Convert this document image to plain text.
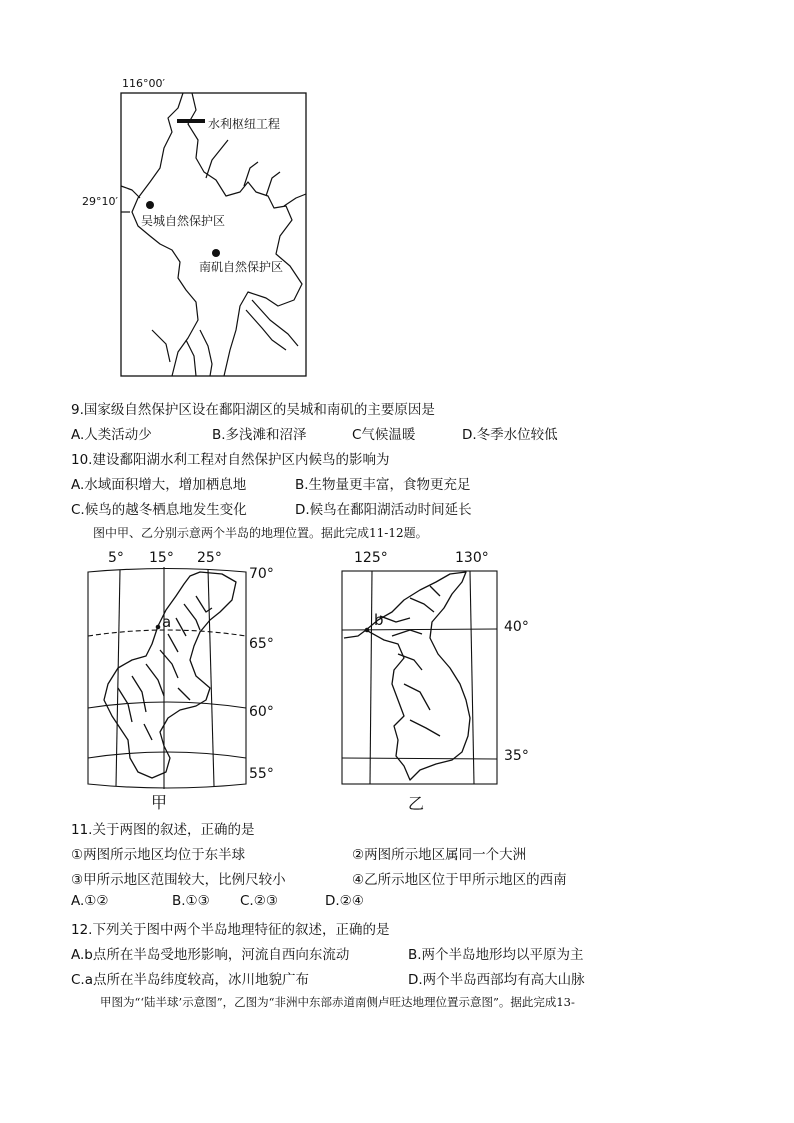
116°00′
29°10′
水利枢纽工程
吴城自然保护区
南矶自然保护区
9.国家级自然保护区设在鄱阳湖区的吴城和南矶的主要原因是
A.人类活动少	B.多浅滩和沼泽	C气候温暖	D.冬季水位较低
10.建设鄱阳湖水利工程对自然保护区内候鸟的影响为
A.水域面积增大，增加栖息地	B.生物量更丰富，食物更充足
C.候鸟的越冬栖息地发生变化	D.候鸟在鄱阳湖活动时间延长
图中甲、乙分别示意两个半岛的地理位置。据此完成11-12题。
5° 15° 25°
70°
65°
60°
55°
a
甲
125°	130°
40°
35°
b
乙
11.关于两图的叙述，正确的是
①两图所示地区均位于东半球	②两图所示地区属同一个大洲
③甲所示地区范围较大，比例尺较小	④乙所示地区位于甲所示地区的西南
A.①②	B.①③ C.②③	D.②④
12.下列关于图中两个半岛地理特征的叙述，正确的是
A.b点所在半岛受地形影响，河流自西向东流动	B.两个半岛地形均以平原为主
C.a点所在半岛纬度较高，冰川地貌广布	D.两个半岛西部均有高大山脉
甲图为“‘陆半球’示意图”，乙图为“非洲中东部赤道南侧卢旺达地理位置示意图”。据此完成13-
